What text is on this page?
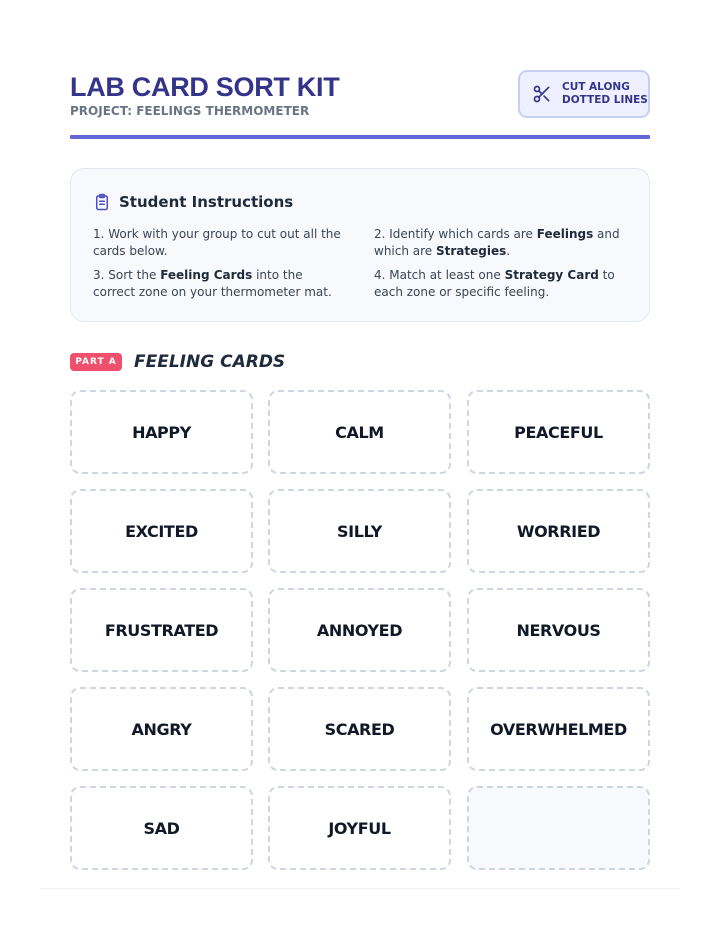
LAB CARD SORT KIT
PROJECT: FEELINGS THERMOMETER
CUT ALONG
DOTTED LINES
Student Instructions
1. Work with your group to cut out all the cards below.
2. Identify which cards are Feelings and which are Strategies.
3. Sort the Feeling Cards into the correct zone on your thermometer mat.
4. Match at least one Strategy Card to each zone or specific feeling.
PART A	FEELING CARDS
HAPPY	CALM	PEACEFUL
EXCITED	SILLY	WORRIED
FRUSTRATED	ANNOYED	NERVOUS
ANGRY	SCARED	OVERWHELMED
SAD	JOYFUL
